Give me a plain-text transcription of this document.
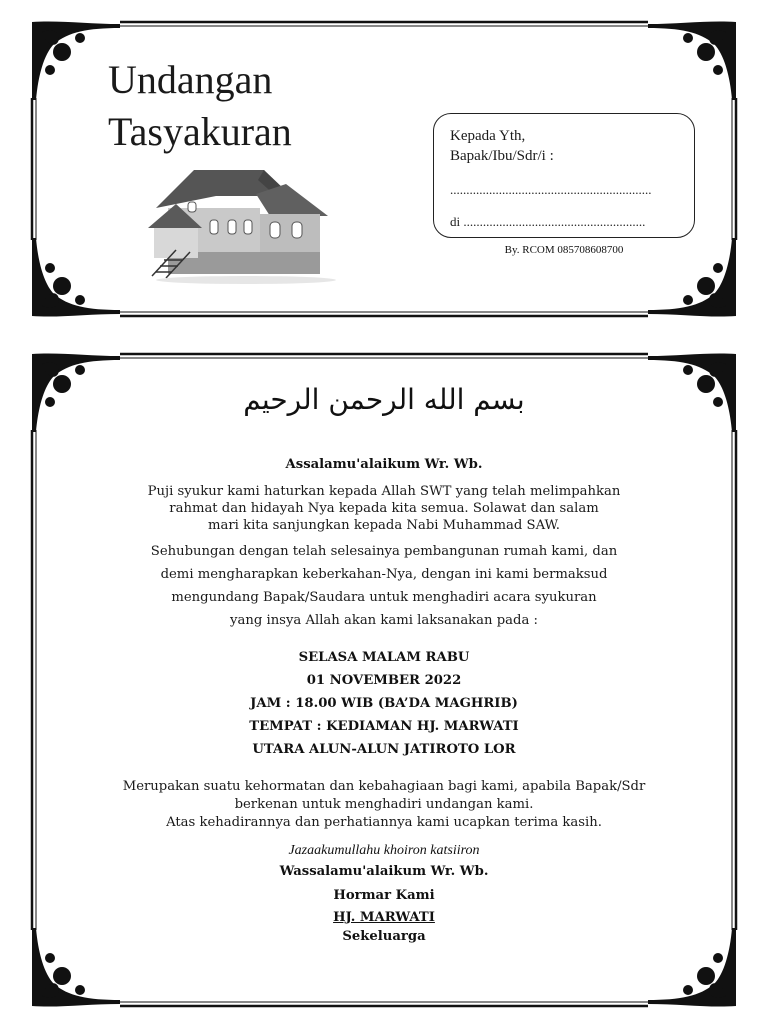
Undangan
Tasyakuran	Kepada Yth,
Bapak/Ibu/Sdr/i :
..............................................................
di ........................................................
By. RCOM 085708608700
بسم الله الرحمن الرحيم
Assalamu'alaikum Wr. Wb.
Puji syukur kami haturkan kepada Allah SWT yang telah melimpahkan
rahmat dan hidayah Nya kepada kita semua. Solawat dan salam
mari kita sanjungkan kepada Nabi Muhammad SAW.
Sehubungan dengan telah selesainya pembangunan rumah kami, dan
demi mengharapkan keberkahan-Nya, dengan ini kami bermaksud
mengundang Bapak/Saudara untuk menghadiri acara syukuran
yang insya Allah akan kami laksanakan pada :
SELASA MALAM RABU
01 NOVEMBER 2022
JAM : 18.00 WIB (BA’DA MAGHRIB)
TEMPAT : KEDIAMAN HJ. MARWATI
UTARA ALUN-ALUN JATIROTO LOR
Merupakan suatu kehormatan dan kebahagiaan bagi kami, apabila Bapak/Sdr
berkenan untuk menghadiri undangan kami.
Atas kehadirannya dan perhatiannya kami ucapkan terima kasih.
Jazaakumullahu khoiron katsiiron
Wassalamu'alaikum Wr. Wb.
Hormar Kami
HJ. MARWATI
Sekeluarga
